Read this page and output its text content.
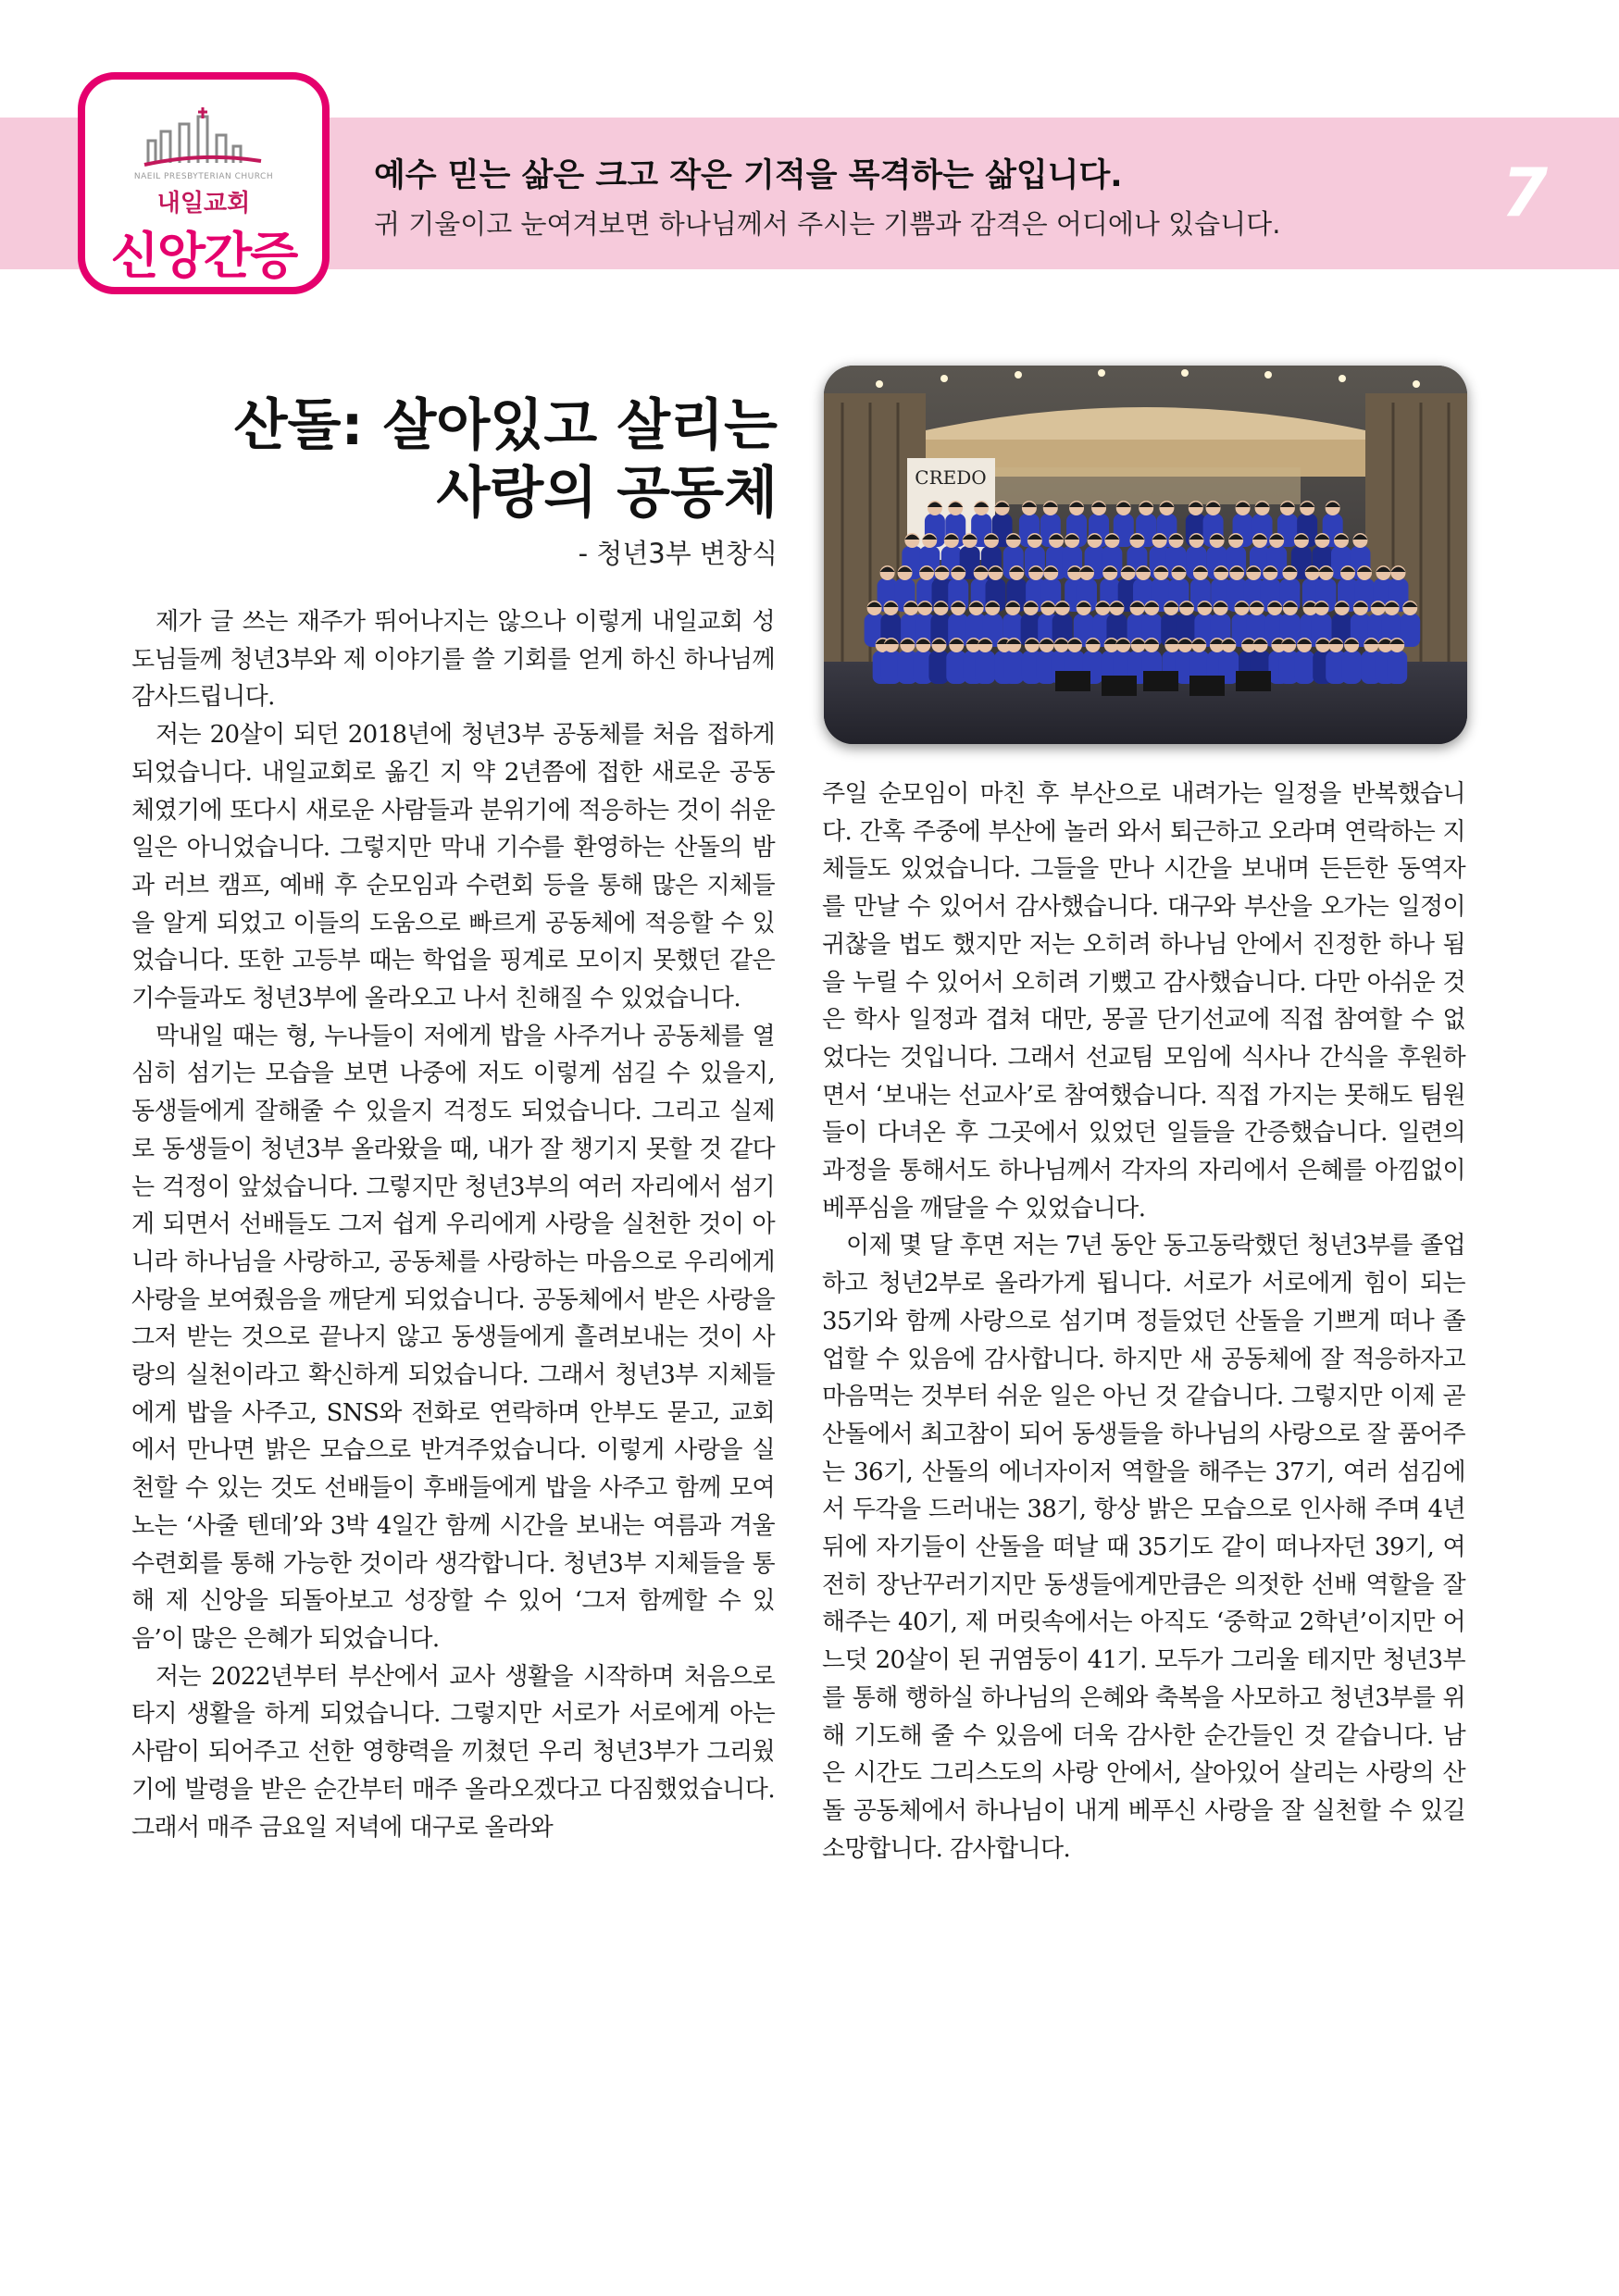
NAEIL PRESBYTERIAN CHURCH
내일교회
신앙간증
예수 믿는 삶은 크고 작은 기적을 목격하는 삶입니다.
귀 기울이고 눈여겨보면 하나님께서 주시는 기쁨과 감격은 어디에나 있습니다.	7
산돌: 살아있고 살리는
사랑의 공동체
- 청년3부 변창식
CREDO

제가 글 쓰는 재주가 뛰어나지는 않으나 이렇게 내일교회 성도님들께 청년3부와 제 이야기를 쓸 기회를 얻게 하신 하나님께 감사드립니다.

저는 20살이 되던 2018년에 청년3부 공동체를 처음 접하게 되었습니다. 내일교회로 옮긴 지 약 2년쯤에 접한 새로운 공동체였기에 또다시 새로운 사람들과 분위기에 적응하는 것이 쉬운 일은 아니었습니다. 그렇지만 막내 기수를 환영하는 산돌의 밤과 러브 캠프, 예배 후 순모임과 수련회 등을 통해 많은 지체들을 알게 되었고 이들의 도움으로 빠르게 공동체에 적응할 수 있었습니다. 또한 고등부 때는 학업을 핑계로 모이지 못했던 같은 기수들과도 청년3부에 올라오고 나서 친해질 수 있었습니다.

막내일 때는 형, 누나들이 저에게 밥을 사주거나 공동체를 열심히 섬기는 모습을 보면 나중에 저도 이렇게 섬길 수 있을지, 동생들에게 잘해줄 수 있을지 걱정도 되었습니다. 그리고 실제로 동생들이 청년3부 올라왔을 때, 내가 잘 챙기지 못할 것 같다는 걱정이 앞섰습니다. 그렇지만 청년3부의 여러 자리에서 섬기게 되면서 선배들도 그저 쉽게 우리에게 사랑을 실천한 것이 아니라 하나님을 사랑하고, 공동체를 사랑하는 마음으로 우리에게 사랑을 보여줬음을 깨닫게 되었습니다. 공동체에서 받은 사랑을 그저 받는 것으로 끝나지 않고 동생들에게 흘려보내는 것이 사랑의 실천이라고 확신하게 되었습니다. 그래서 청년3부 지체들에게 밥을 사주고, SNS와 전화로 연락하며 안부도 묻고, 교회에서 만나면 밝은 모습으로 반겨주었습니다. 이렇게 사랑을 실천할 수 있는 것도 선배들이 후배들에게 밥을 사주고 함께 모여 노는 ‘사줄 텐데’와 3박 4일간 함께 시간을 보내는 여름과 겨울 수련회를 통해 가능한 것이라 생각합니다. 청년3부 지체들을 통해 제 신앙을 되돌아보고 성장할 수 있어 ‘그저 함께할 수 있음’이 많은 은혜가 되었습니다.

저는 2022년부터 부산에서 교사 생활을 시작하며 처음으로 타지 생활을 하게 되었습니다. 그렇지만 서로가 서로에게 아는 사람이 되어주고 선한 영향력을 끼쳤던 우리 청년3부가 그리웠기에 발령을 받은 순간부터 매주 올라오겠다고 다짐했었습니다. 그래서 매주 금요일 저녁에 대구로 올라와

주일 순모임이 마친 후 부산으로 내려가는 일정을 반복했습니다. 간혹 주중에 부산에 놀러 와서 퇴근하고 오라며 연락하는 지체들도 있었습니다. 그들을 만나 시간을 보내며 든든한 동역자를 만날 수 있어서 감사했습니다. 대구와 부산을 오가는 일정이 귀찮을 법도 했지만 저는 오히려 하나님 안에서 진정한 하나 됨을 누릴 수 있어서 오히려 기뻤고 감사했습니다. 다만 아쉬운 것은 학사 일정과 겹쳐 대만, 몽골 단기선교에 직접 참여할 수 없었다는 것입니다. 그래서 선교팀 모임에 식사나 간식을 후원하면서 ‘보내는 선교사’로 참여했습니다. 직접 가지는 못해도 팀원들이 다녀온 후 그곳에서 있었던 일들을 간증했습니다. 일련의 과정을 통해서도 하나님께서 각자의 자리에서 은혜를 아낌없이 베푸심을 깨달을 수 있었습니다.

이제 몇 달 후면 저는 7년 동안 동고동락했던 청년3부를 졸업하고 청년2부로 올라가게 됩니다. 서로가 서로에게 힘이 되는 35기와 함께 사랑으로 섬기며 정들었던 산돌을 기쁘게 떠나 졸업할 수 있음에 감사합니다. 하지만 새 공동체에 잘 적응하자고 마음먹는 것부터 쉬운 일은 아닌 것 같습니다. 그렇지만 이제 곧 산돌에서 최고참이 되어 동생들을 하나님의 사랑으로 잘 품어주는 36기, 산돌의 에너자이저 역할을 해주는 37기, 여러 섬김에서 두각을 드러내는 38기, 항상 밝은 모습으로 인사해 주며 4년 뒤에 자기들이 산돌을 떠날 때 35기도 같이 떠나자던 39기, 여전히 장난꾸러기지만 동생들에게만큼은 의젓한 선배 역할을 잘 해주는 40기, 제 머릿속에서는 아직도 ‘중학교 2학년’이지만 어느덧 20살이 된 귀염둥이 41기. 모두가 그리울 테지만 청년3부를 통해 행하실 하나님의 은혜와 축복을 사모하고 청년3부를 위해 기도해 줄 수 있음에 더욱 감사한 순간들인 것 같습니다. 남은 시간도 그리스도의 사랑 안에서, 살아있어 살리는 사랑의 산돌 공동체에서 하나님이 내게 베푸신 사랑을 잘 실천할 수 있길 소망합니다. 감사합니다.
